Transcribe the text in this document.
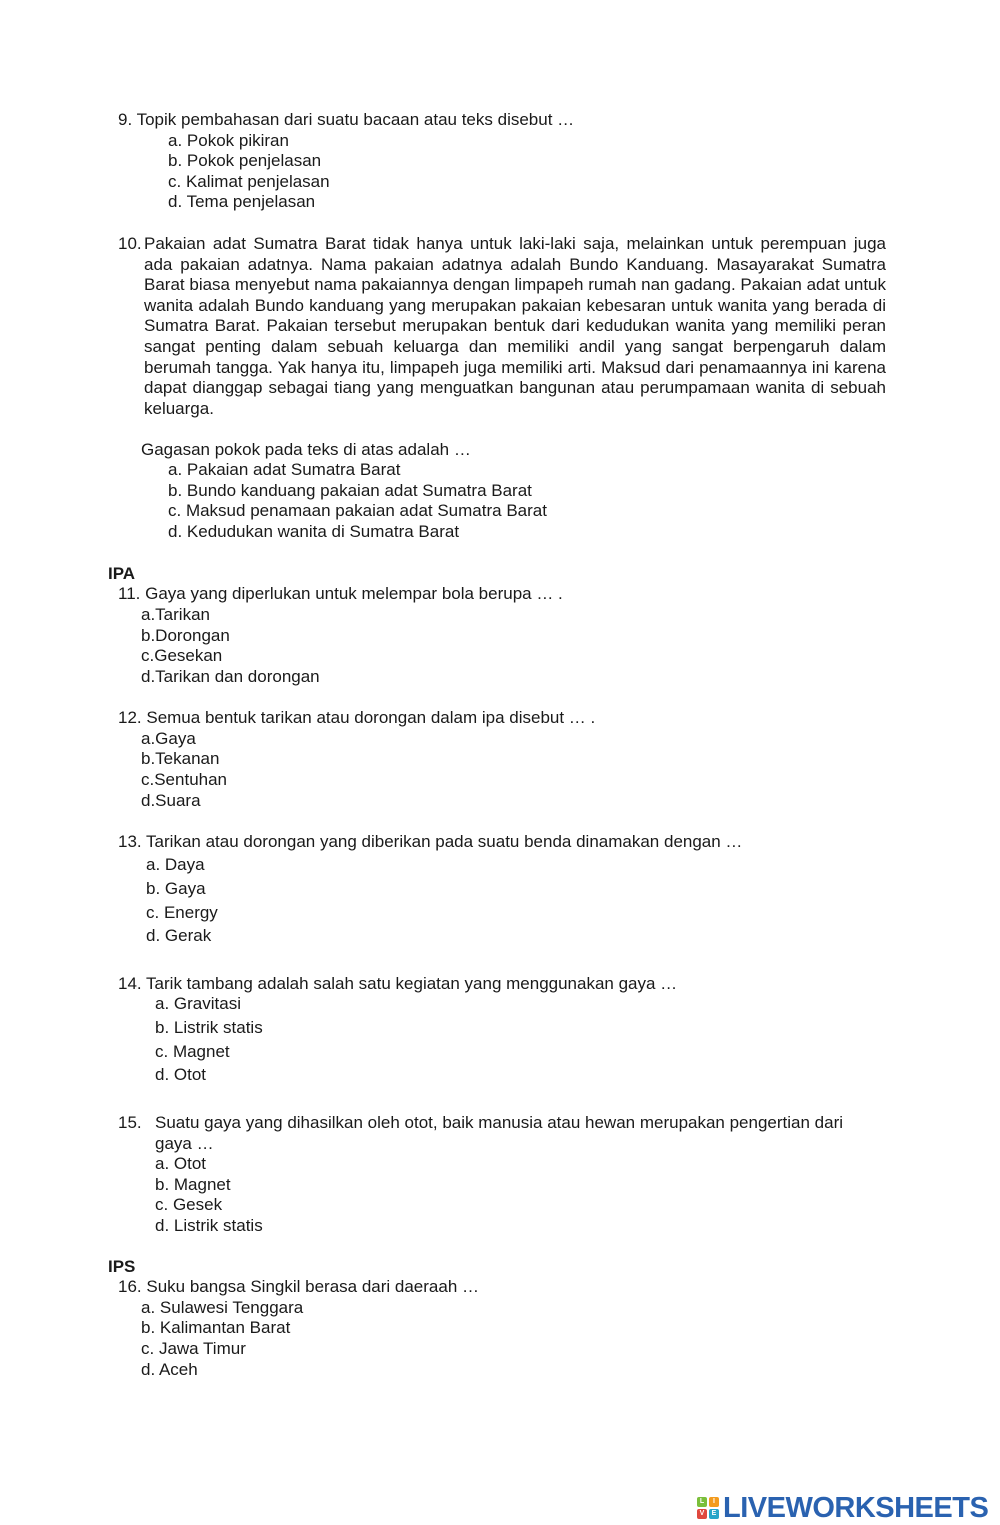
9. Topik pembahasan dari suatu bacaan atau teks disebut …
a. Pokok pikiran
b. Pokok penjelasan
c. Kalimat penjelasan
d. Tema penjelasan
10. Pakaian adat Sumatra Barat tidak hanya untuk laki-laki saja, melainkan untuk perempuan juga ada pakaian adatnya. Nama pakaian adatnya adalah Bundo Kanduang. Masayarakat Sumatra Barat biasa menyebut nama pakaiannya dengan limpapeh rumah nan gadang. Pakaian adat untuk wanita adalah Bundo kanduang yang merupakan pakaian kebesaran untuk wanita yang berada di Sumatra Barat. Pakaian tersebut merupakan bentuk dari kedudukan wanita yang memiliki peran sangat penting dalam sebuah keluarga dan memiliki andil yang sangat berpengaruh dalam berumah tangga. Yak hanya itu, limpapeh juga memiliki arti. Maksud dari penamaannya ini karena dapat dianggap sebagai tiang yang menguatkan bangunan atau perumpamaan wanita di sebuah keluarga.
Gagasan pokok pada teks di atas adalah …
a. Pakaian adat Sumatra Barat
b. Bundo kanduang pakaian adat Sumatra Barat
c. Maksud penamaan pakaian adat Sumatra Barat
d. Kedudukan wanita di Sumatra Barat
IPA
11. Gaya yang diperlukan untuk melempar bola berupa … .
a.Tarikan
b.Dorongan
c.Gesekan
d.Tarikan dan dorongan
12. Semua bentuk tarikan atau dorongan dalam ipa disebut … .
a.Gaya
b.Tekanan
c.Sentuhan
d.Suara
13. Tarikan atau dorongan yang diberikan pada suatu benda dinamakan dengan …
a. Daya
b. Gaya
c. Energy
d. Gerak
14. Tarik tambang adalah salah satu kegiatan yang menggunakan gaya …
a. Gravitasi
b. Listrik statis
c. Magnet
d. Otot
15. Suatu gaya yang dihasilkan oleh otot, baik manusia atau hewan merupakan pengertian dari
gaya …
a. Otot
b. Magnet
c. Gesek
d. Listrik statis
IPS
16. Suku bangsa Singkil berasa dari daeraah …
a. Sulawesi Tenggara
b. Kalimantan Barat
c. Jawa Timur
d. Aceh
L	I
V	E LIVEWORKSHEETS
